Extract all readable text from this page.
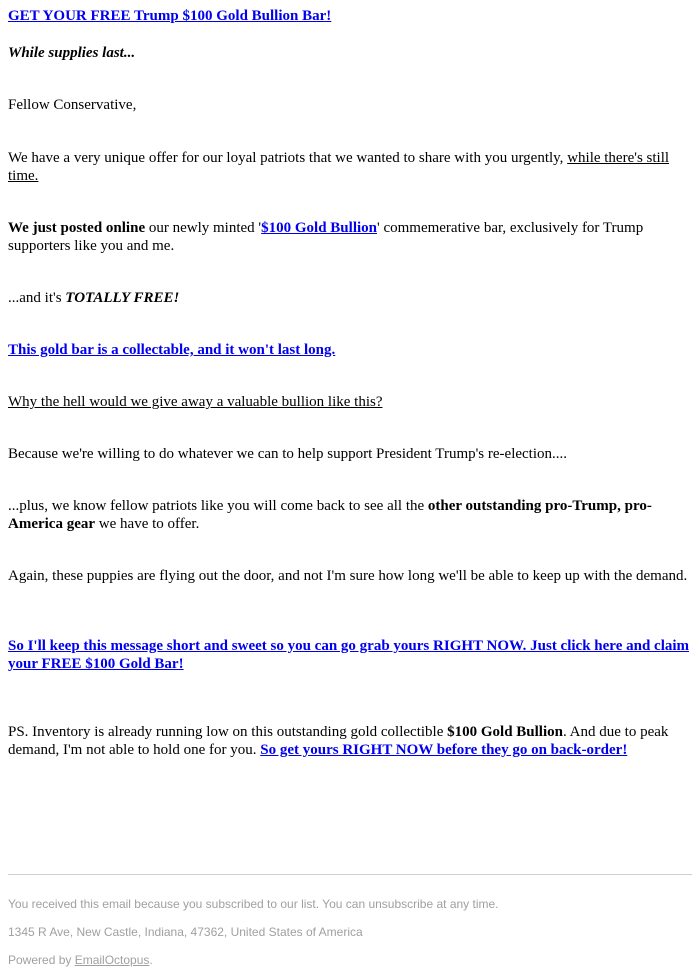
GET YOUR FREE Trump $100 Gold Bullion Bar!

While supplies last...

Fellow Conservative,

We have a very unique offer for our loyal patriots that we wanted to share with you urgently, while there's still time.

We just posted online our newly minted '$100 Gold Bullion' commemerative bar, exclusively for Trump supporters like you and me.

...and it's TOTALLY FREE!

This gold bar is a collectable, and it won't last long.

Why the hell would we give away a valuable bullion like this?

Because we're willing to do whatever we can to help support President Trump's re-election....

...plus, we know fellow patriots like you will come back to see all the other outstanding pro-Trump, pro-America gear we have to offer.

Again, these puppies are flying out the door, and not I'm sure how long we'll be able to keep up with the demand.

So I'll keep this message short and sweet so you can go grab yours RIGHT NOW. Just click here and claim your FREE $100 Gold Bar!

PS. Inventory is already running low on this outstanding gold collectible $100 Gold Bullion. And due to peak demand, I'm not able to hold one for you. So get yours RIGHT NOW before they go on back-order!

You received this email because you subscribed to our list. You can unsubscribe at any time.

1345 R Ave, New Castle, Indiana, 47362, United States of America

Powered by EmailOctopus.
